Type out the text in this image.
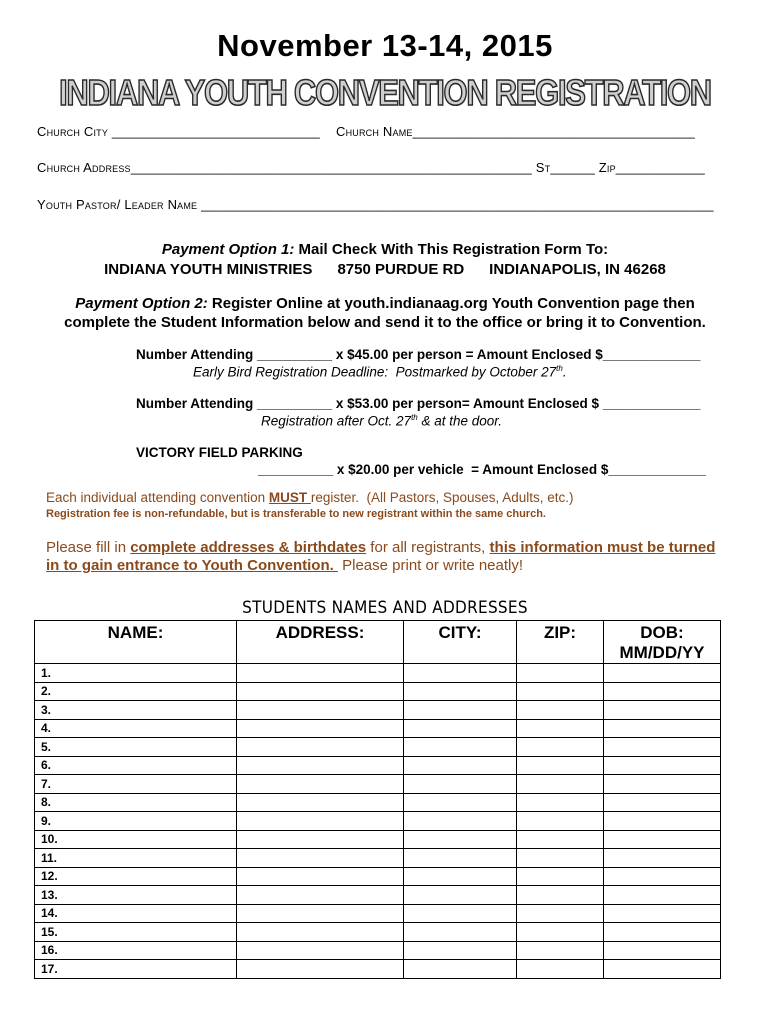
November 13-14, 2015
INDIANA YOUTH CONVENTION REGISTRATION
Church City ____________________________ Church Name______________________________________
Church Address______________________________________________________ St______ Zip____________
Youth Pastor/ Leader Name _____________________________________________________________________
Payment Option 1: Mail Check With This Registration Form To:
INDIANA YOUTH MINISTRIES      8750 PURDUE RD      INDIANAPOLIS, IN 46268
Payment Option 2: Register Online at youth.indianaag.org Youth Convention page then
complete the Student Information below and send it to the office or bring it to Convention.
Number Attending __________ x $45.00 per person = Amount Enclosed $_____________
Early Bird Registration Deadline:  Postmarked by October 27th.
Number Attending __________ x $53.00 per person= Amount Enclosed $ _____________
Registration after Oct. 27th & at the door.
VICTORY FIELD PARKING
__________ x $20.00 per vehicle  = Amount Enclosed $_____________
Each individual attending convention MUST register.  (All Pastors, Spouses, Adults, etc.)
Registration fee is non-refundable, but is transferable to new registrant within the same church.
Please fill in complete addresses & birthdates for all registrants, this information must be turned
in to gain entrance to Youth Convention.  Please print or write neatly!
STUDENTS NAMES AND ADDRESSES
NAME:	ADDRESS:	CITY:	ZIP:	DOB:
MM/DD/YY
1.				
2.				
3.				
4.				
5.				
6.				
7.				
8.				
9.				
10.				
11.				
12.				
13.				
14.				
15.				
16.				
17.				
